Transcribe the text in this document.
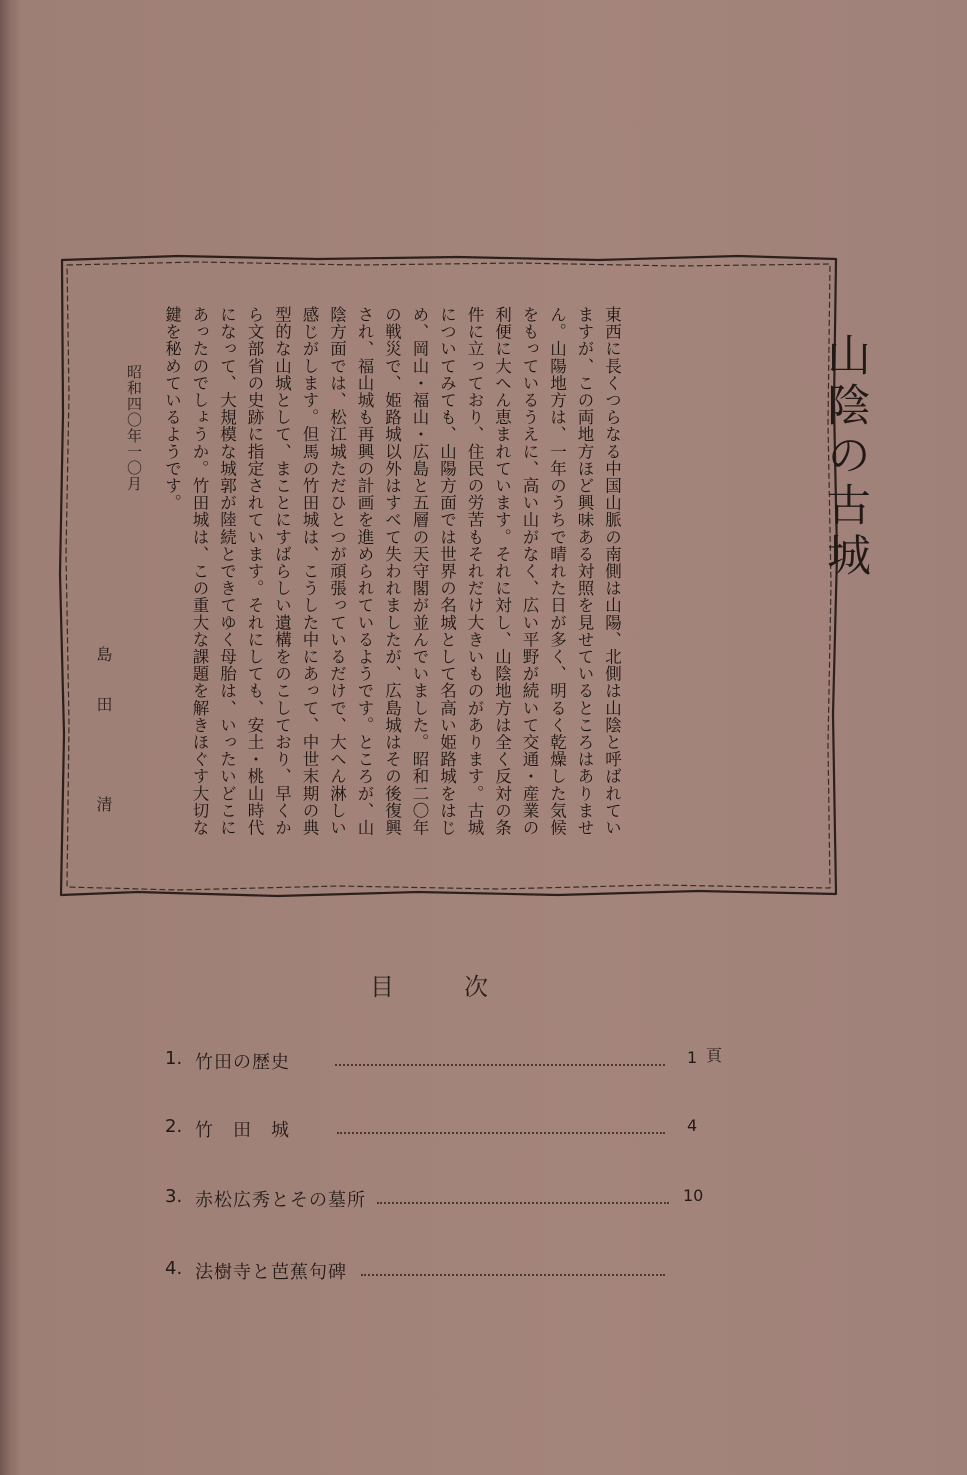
山陰の古城

東西に長くつらなる中国山脈の南側は山陽、北側は山陰と呼ばれていますが、この両地方ほど興味ある対照を見せているところはありません。山陽地方は、一年のうちで晴れた日が多く、明るく乾燥した気候をもっているうえに、高い山がなく、広い平野が続いて交通・産業の利便に大へん恵まれています。それに対し、山陰地方は全く反対の条件に立っており、住民の労苦もそれだけ大きいものがあります。古城についてみても、山陽方面では世界の名城として名高い姫路城をはじめ、岡山・福山・広島と五層の天守閣が並んでいました。昭和二〇年の戦災で、姫路城以外はすべて失われましたが、広島城はその後復興され、福山城も再興の計画を進められているようです。ところが、山陰方面では、松江城ただひとつが頑張っているだけで、大へん淋しい感じがします。但馬の竹田城は、こうした中にあって、中世末期の典型的な山城として、まことにすばらしい遺構をのこしており、早くから文部省の史跡に指定されています。それにしても、安土・桃山時代になって、大規模な城郭が陸続とできてゆく母胎は、いったいどこにあったのでしょうか。竹田城は、この重大な課題を解きほぐす大切な鍵を秘めているようです。

昭和四〇年一〇月
島田　清
目次
頁
1. 竹田の歴史	1
2. 竹　田　城	4
3. 赤松広秀とその墓所	10
4. 法樹寺と芭蕉句碑
